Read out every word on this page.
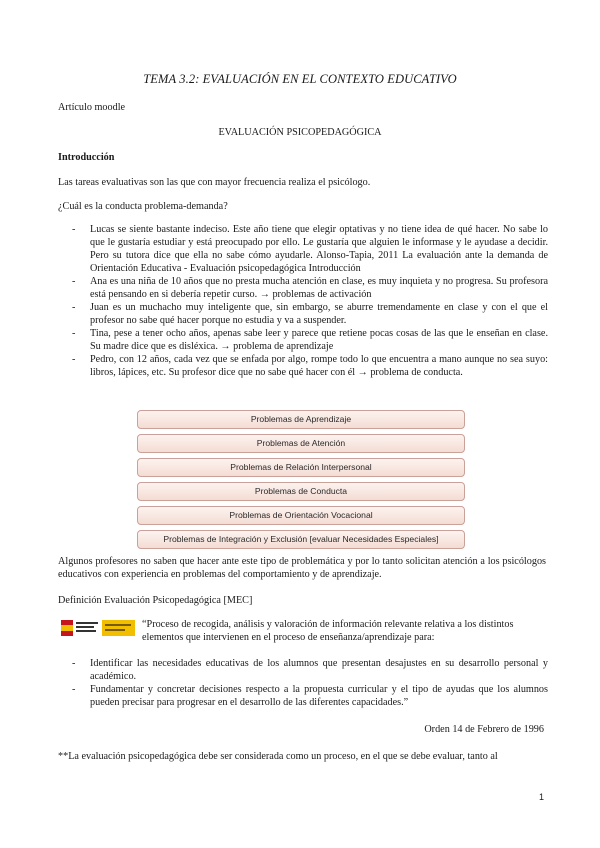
TEMA 3.2: EVALUACIÓN EN EL CONTEXTO EDUCATIVO
Artículo moodle
EVALUACIÓN PSICOPEDAGÓGICA
Introducción
Las tareas evaluativas son las que con mayor frecuencia realiza el psicólogo.
¿Cuál es la conducta problema-demanda?

- Lucas se siente bastante indeciso. Este año tiene que elegir optativas y no tiene idea de qué hacer. No sabe lo que le gustaría estudiar y está preocupado por ello. Le gustaría que alguien le informase y le ayudase a decidir. Pero su tutora dice que ella no sabe cómo ayudarle. Alonso-Tapia, 2011 La evaluación ante la demanda de Orientación Educativa - Evaluación psicopedagógica Introducción

- Ana es una niña de 10 años que no presta mucha atención en clase, es muy inquieta y no progresa. Su profesora está pensando en si debería repetir curso. → problemas de activación

- Juan es un muchacho muy inteligente que, sin embargo, se aburre tremendamente en clase y con el que el profesor no sabe qué hacer porque no estudia y va a suspender.

- Tina, pese a tener ocho años, apenas sabe leer y parece que retiene pocas cosas de las que le enseñan en clase. Su madre dice que es disléxica. → problema de aprendizaje

- Pedro, con 12 años, cada vez que se enfada por algo, rompe todo lo que encuentra a mano aunque no sea suyo: libros, lápices, etc. Su profesor dice que no sabe qué hacer con él → problema de conducta.

Problemas de Aprendizaje
Problemas de Atención
Problemas de Relación Interpersonal
Problemas de Conducta
Problemas de Orientación Vocacional
Problemas de Integración y Exclusión [evaluar Necesidades Especiales]

Algunos profesores no saben que hacer ante este tipo de problemática y por lo tanto solicitan atención a los psicólogos educativos con experiencia en problemas del comportamiento y de aprendizaje.

Definición Evaluación Psicopedagógica [MEC]
“Proceso de recogida, análisis y valoración de información relevante relativa a los distintos elementos que intervienen en el proceso de enseñanza/aprendizaje para:

- Identificar las necesidades educativas de los alumnos que presentan desajustes en su desarrollo personal y académico.

- Fundamentar y concretar decisiones respecto a la propuesta curricular y el tipo de ayudas que los alumnos pueden precisar para progresar en el desarrollo de las diferentes capacidades.”

Orden 14 de Febrero de 1996

**La evaluación psicopedagógica debe ser considerada como un proceso, en el que se debe evaluar, tanto al

1
